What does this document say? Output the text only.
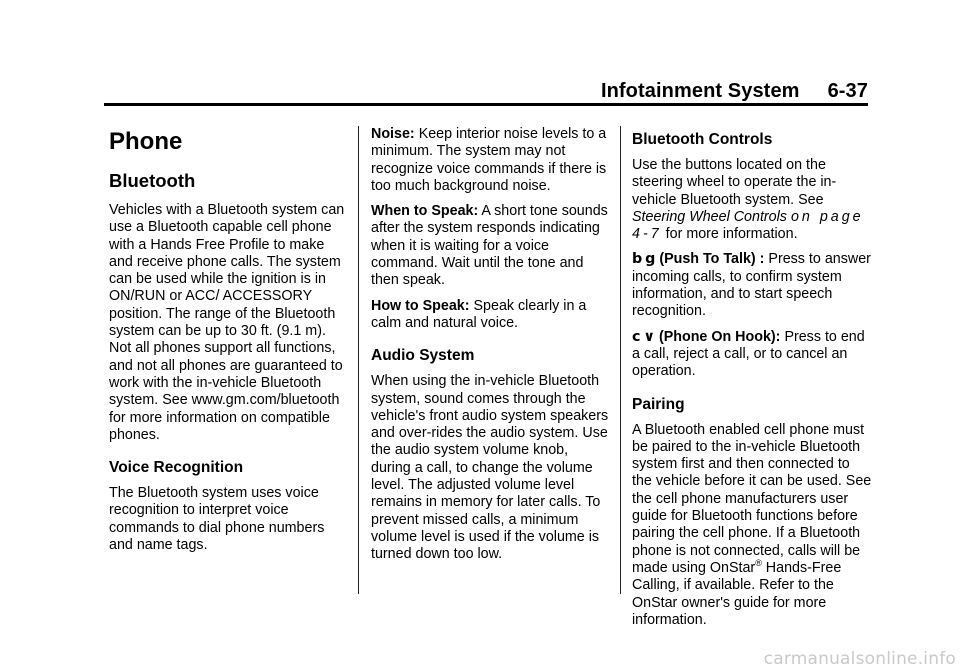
Infotainment System 6-37
Phone
Bluetooth

Vehicles with a Bluetooth system can use a Bluetooth capable cell phone with a Hands Free Profile to make and receive phone calls. The system can be used while the ignition is in ON/RUN or ACC/ ACCESSORY position. The range of the Bluetooth system can be up to 30 ft. (9.1 m). Not all phones support all functions, and not all phones are guaranteed to work with the in-vehicle Bluetooth system. See www.gm.com/bluetooth for more information on compatible phones.

Voice Recognition

The Bluetooth system uses voice recognition to interpret voice commands to dial phone numbers and name tags.

Noise: Keep interior noise levels to a minimum. The system may not recognize voice commands if there is too much background noise.

When to Speak: A short tone sounds after the system responds indicating when it is waiting for a voice command. Wait until the tone and then speak.

How to Speak: Speak clearly in a calm and natural voice.

Audio System

When using the in-vehicle Bluetooth system, sound comes through the vehicle's front audio system speakers and over-rides the audio system. Use the audio system volume knob, during a call, to change the volume level. The adjusted volume level remains in memory for later calls. To prevent missed calls, a minimum volume level is used if the volume is turned down too low.

Bluetooth Controls

Use the buttons located on the steering wheel to operate the in-vehicle Bluetooth system. See Steering Wheel Controls on page 4-7 for more information.

b g (Push To Talk) : Press to answer incoming calls, to confirm system information, and to start speech recognition.

c ∨ (Phone On Hook): Press to end a call, reject a call, or to cancel an operation.

Pairing

A Bluetooth enabled cell phone must be paired to the in-vehicle Bluetooth system first and then connected to the vehicle before it can be used. See the cell phone manufacturers user guide for Bluetooth functions before pairing the cell phone. If a Bluetooth phone is not connected, calls will be made using OnStar® Hands-Free Calling, if available. Refer to the OnStar owner's guide for more information.

carmanualsonline.info
